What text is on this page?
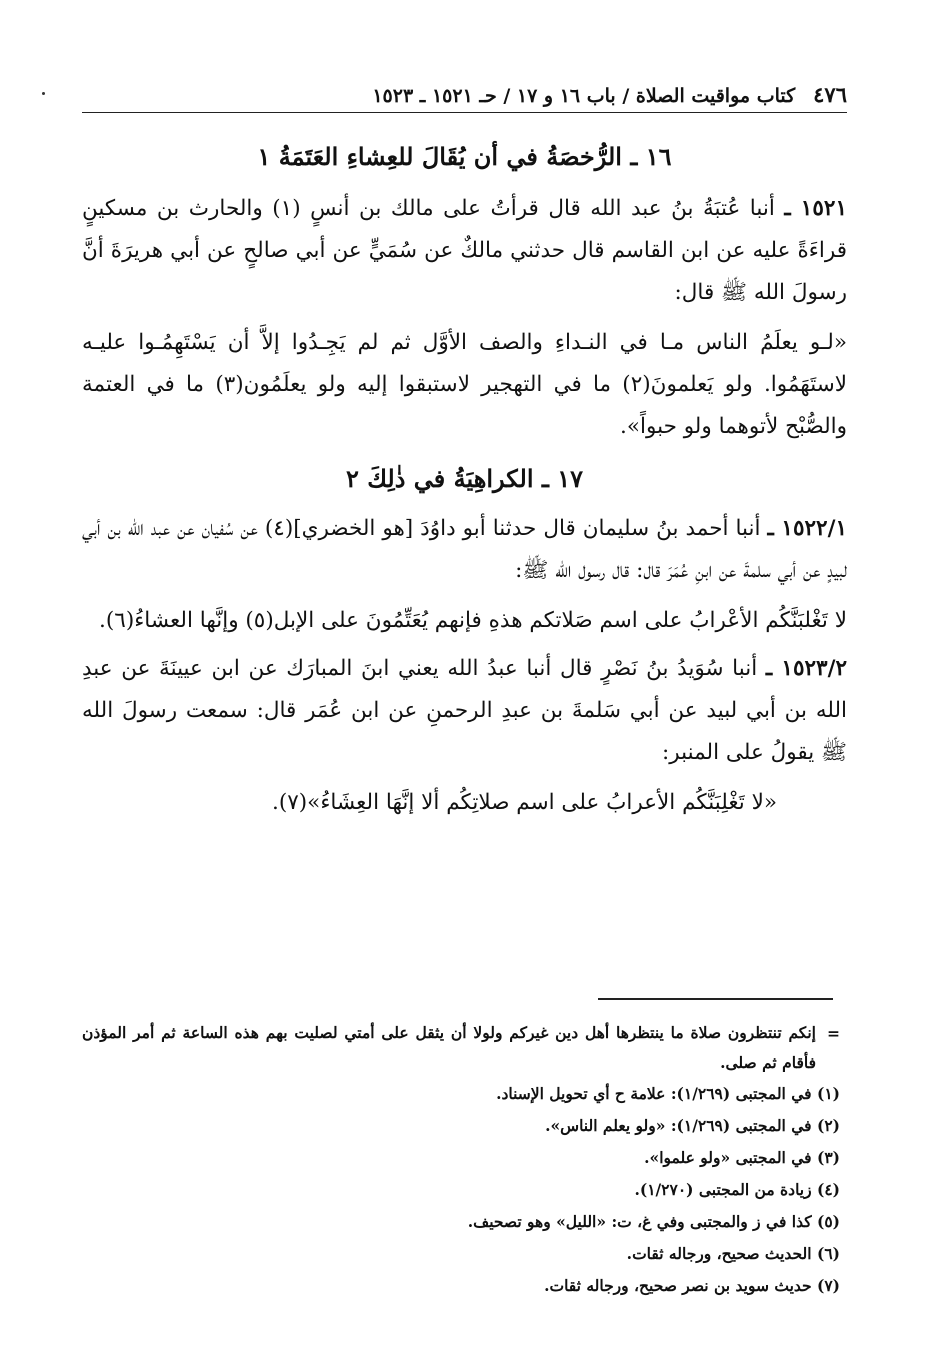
٤٧٦
كتاب مواقيت الصلاة / باب ١٦ و ١٧ / حـ ١٥٢١ ـ ١٥٢٣
١٦ ـ الرُّخصَةُ في أن يُقَالَ للعِشاءِ العَتَمَةُ ١

١٥٢١ ـ أنبا عُتبَةُ بنُ عبد الله قال قرأتُ على مالك بن أنسٍ (١) والحارث بن مسكينٍ قراءَةً عليه عن ابن القاسم قال حدثني مالكٌ عن سُمَيٍّ عن أبي صالحٍ عن أبي هريرَةَ أنَّ رسولَ الله ﷺ قال:

«لـو يعلَمُ الناس مـا في النـداءِ والصف الأوَّل ثم لم يَجِـدُوا إلاَّ أن يَسْتَهِمُـوا عليـه لاستَهَمُوا. ولو يَعلمونَ(٢) ما في التهجير لاستبقوا إليه ولو يعلَمُون(٣) ما في العتمة والصُّبْح لأتوهما ولو حبواً».

١٧ ـ الكراهِيَةُ في ذٰلِكَ ٢

١٥٢٢/١ ـ أنبا أحمد بنُ سليمان قال حدثنا أبو داوُدَ [هو الخضري](٤) عن سُفيان عن عبد الله بن أبي لبيدٍ عن أبي سلمةَ عن ابنِ عُمَرَ قال: قال رسول الله ﷺ:

لا تَغْلبَنَّكُم الأعْرابُ على اسم صَلاتكم هذهِ فإنهم يُعَتِّمُونَ على الإبل(٥) وإنَّها العشاءُ(٦).

١٥٢٣/٢ ـ أنبا سُوَيدُ بنُ نَصْرٍ قال أنبا عبدُ الله يعني ابنَ المبارَك عن ابن عيينَةَ عن عبدِ الله بن أبي لبيد عن أبي سَلمةَ بن عبدِ الرحمنِ عن ابن عُمَر قال: سمعت رسولَ الله ﷺ يقولُ على المنبر:

«لا تَغْلِبَنَّكُم الأعرابُ على اسم صلاتِكُم ألا إنَّهَا العِشَاءُ»(٧).

=
إنكم تنتظرون صلاة ما ينتظرها أهل دين غيركم ولولا أن يثقل على أمتي لصليت بهم هذه الساعة ثم أمر المؤذن فأقام ثم صلى.

(١) في المجتبى (١/٢٦٩): علامة ح أي تحويل الإسناد.

(٢) في المجتبى (١/٢٦٩): «ولو يعلم الناس».

(٣) في المجتبى «ولو علموا».

(٤) زيادة من المجتبى (١/٢٧٠).

(٥) كذا في ز والمجتبى وفي غ، ت: «الليل» وهو تصحيف.

(٦) الحديث صحيح، ورجاله ثقات.

(٧) حديث سويد بن نصر صحيح، ورجاله ثقات.
